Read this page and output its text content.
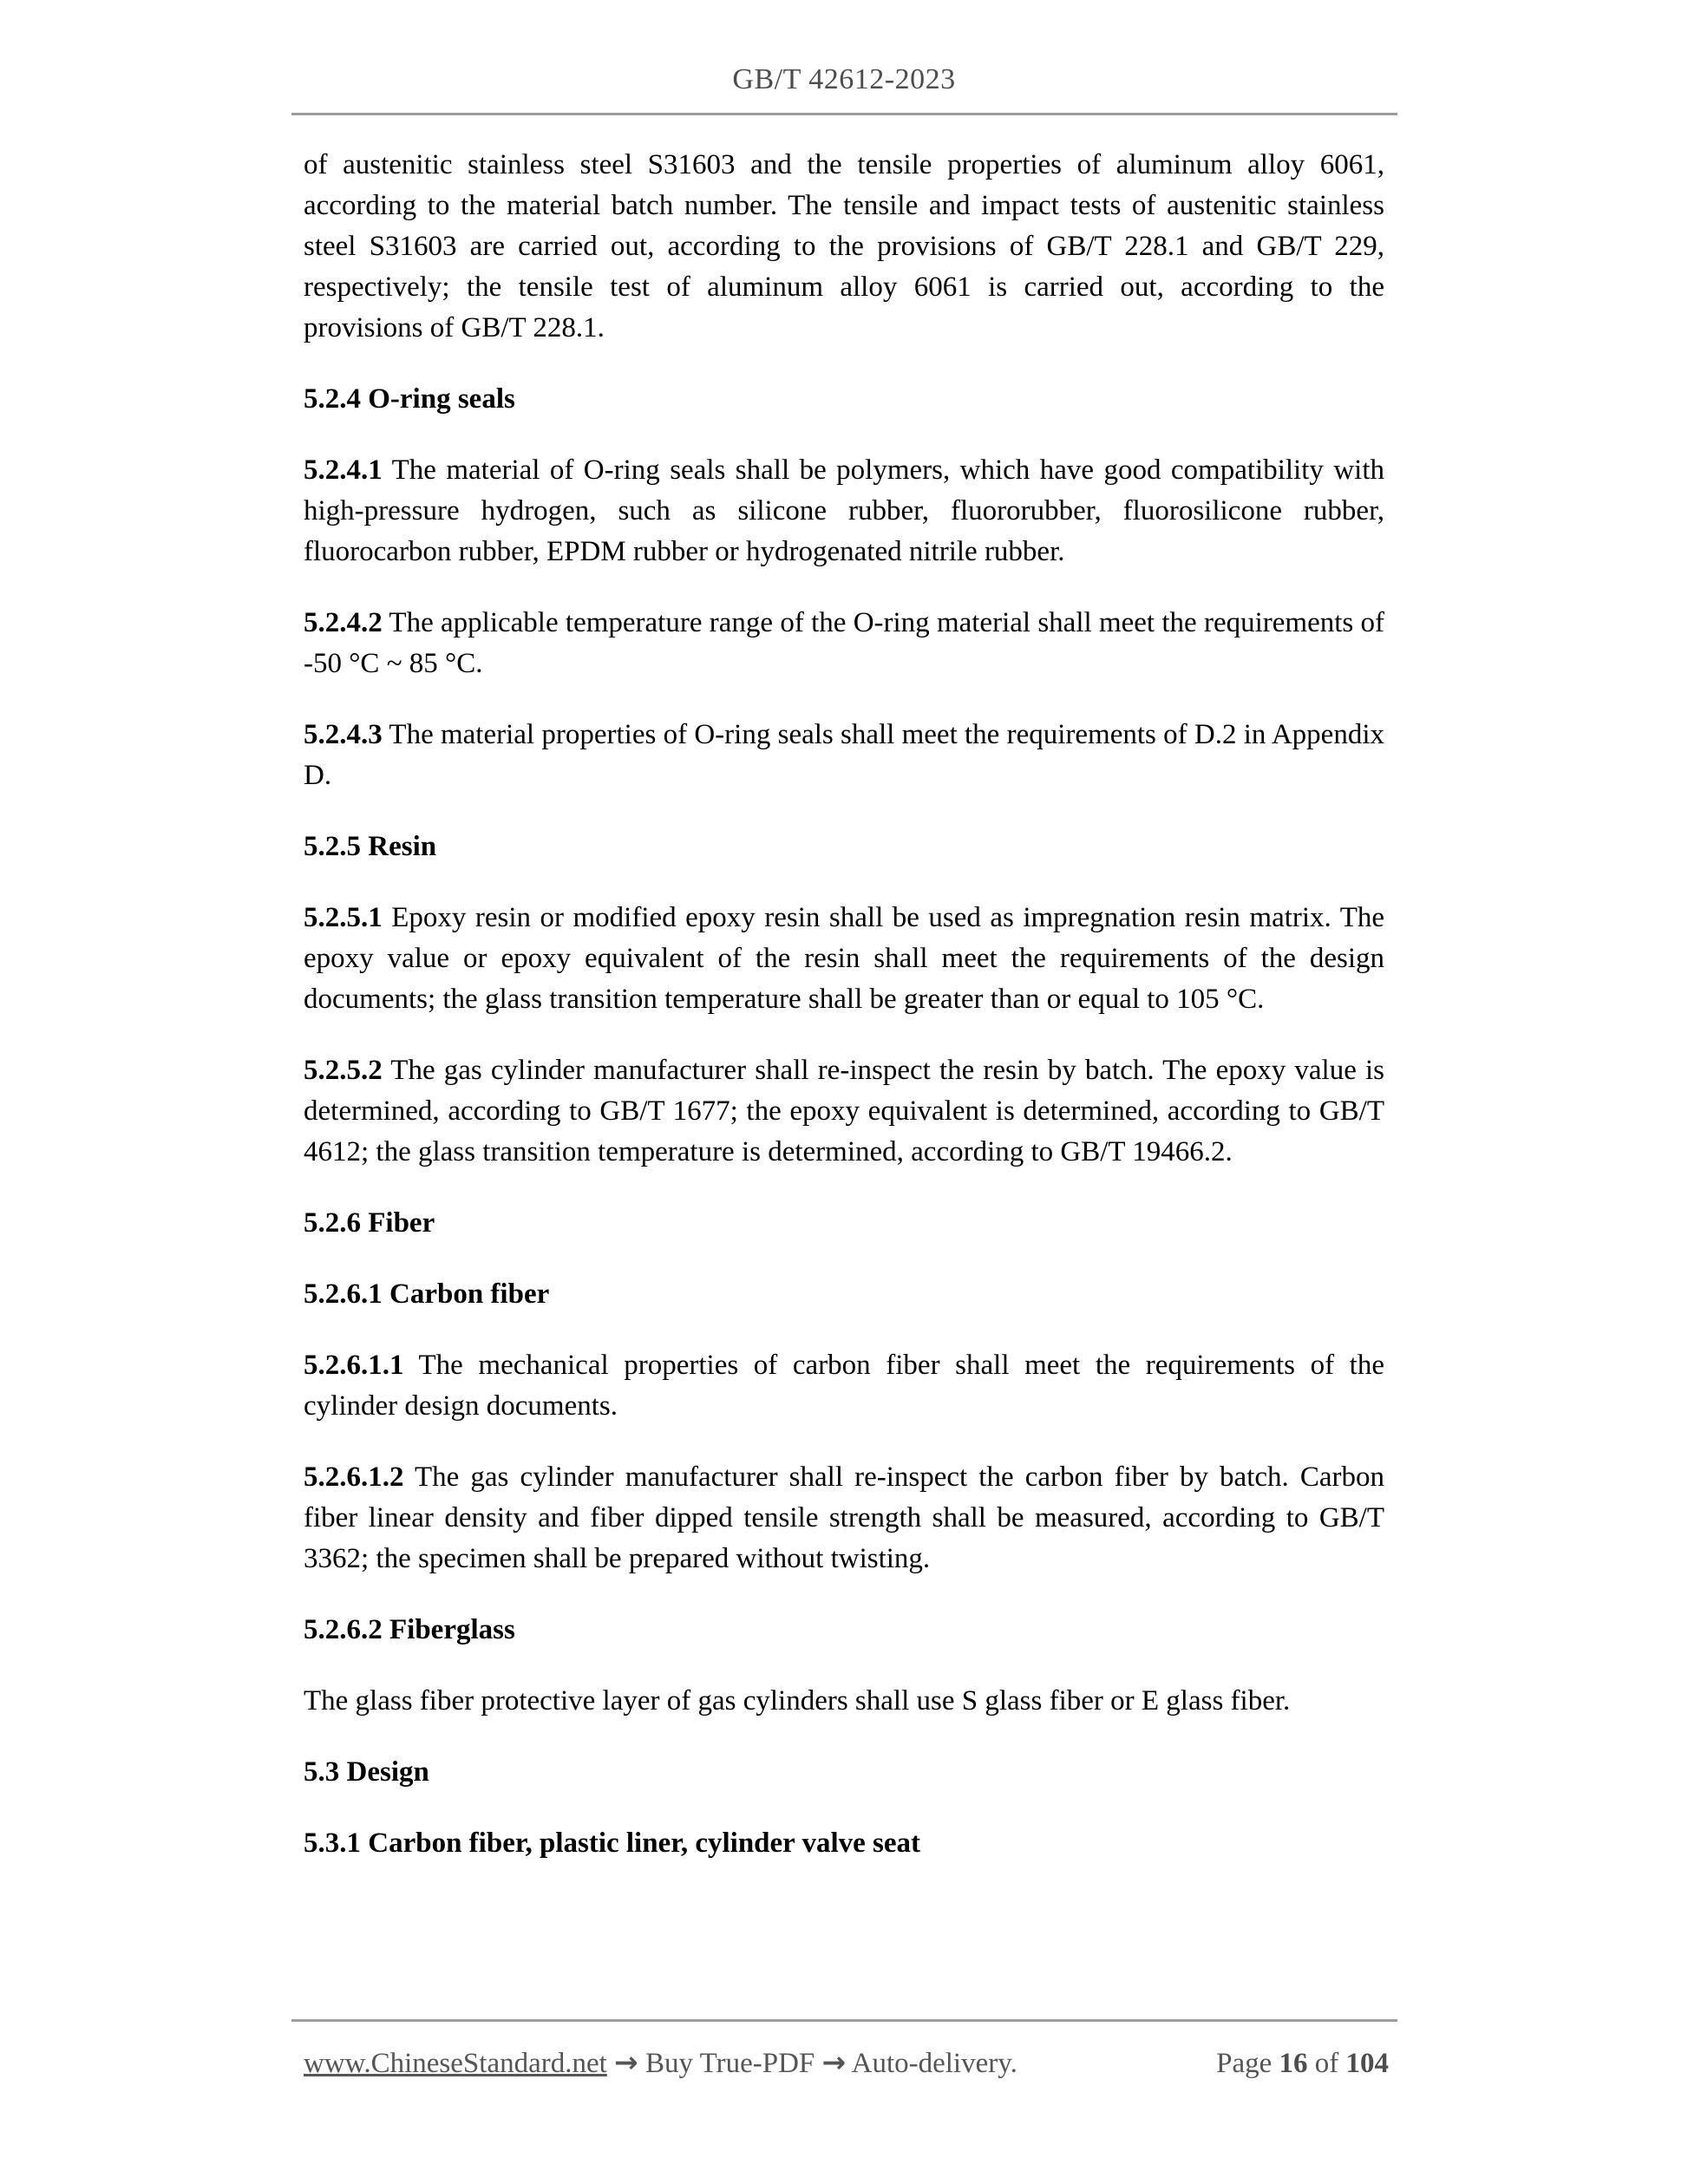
GB/T 42612-2023

of austenitic stainless steel S31603 and the tensile properties of aluminum alloy 6061, according to the material batch number. The tensile and impact tests of austenitic stainless steel S31603 are carried out, according to the provisions of GB/T 228.1 and GB/T 229, respectively; the tensile test of aluminum alloy 6061 is carried out, according to the provisions of GB/T 228.1.

5.2.4 O-ring seals

5.2.4.1 The material of O-ring seals shall be polymers, which have good compatibility with high-pressure hydrogen, such as silicone rubber, fluororubber, fluorosilicone rubber, fluorocarbon rubber, EPDM rubber or hydrogenated nitrile rubber.

5.2.4.2 The applicable temperature range of the O-ring material shall meet the requirements of -50 °C ~ 85 °C.

5.2.4.3 The material properties of O-ring seals shall meet the requirements of D.2 in Appendix D.

5.2.5 Resin

5.2.5.1 Epoxy resin or modified epoxy resin shall be used as impregnation resin matrix. The epoxy value or epoxy equivalent of the resin shall meet the requirements of the design documents; the glass transition temperature shall be greater than or equal to 105 °C.

5.2.5.2 The gas cylinder manufacturer shall re-inspect the resin by batch. The epoxy value is determined, according to GB/T 1677; the epoxy equivalent is determined, according to GB/T 4612; the glass transition temperature is determined, according to GB/T 19466.2.

5.2.6 Fiber

5.2.6.1 Carbon fiber

5.2.6.1.1 The mechanical properties of carbon fiber shall meet the requirements of the cylinder design documents.

5.2.6.1.2 The gas cylinder manufacturer shall re-inspect the carbon fiber by batch. Carbon fiber linear density and fiber dipped tensile strength shall be measured, according to GB/T 3362; the specimen shall be prepared without twisting.

5.2.6.2 Fiberglass

The glass fiber protective layer of gas cylinders shall use S glass fiber or E glass fiber.

5.3 Design

5.3.1 Carbon fiber, plastic liner, cylinder valve seat

www.ChineseStandard.net → Buy True-PDF → Auto-delivery.	Page 16 of 104
